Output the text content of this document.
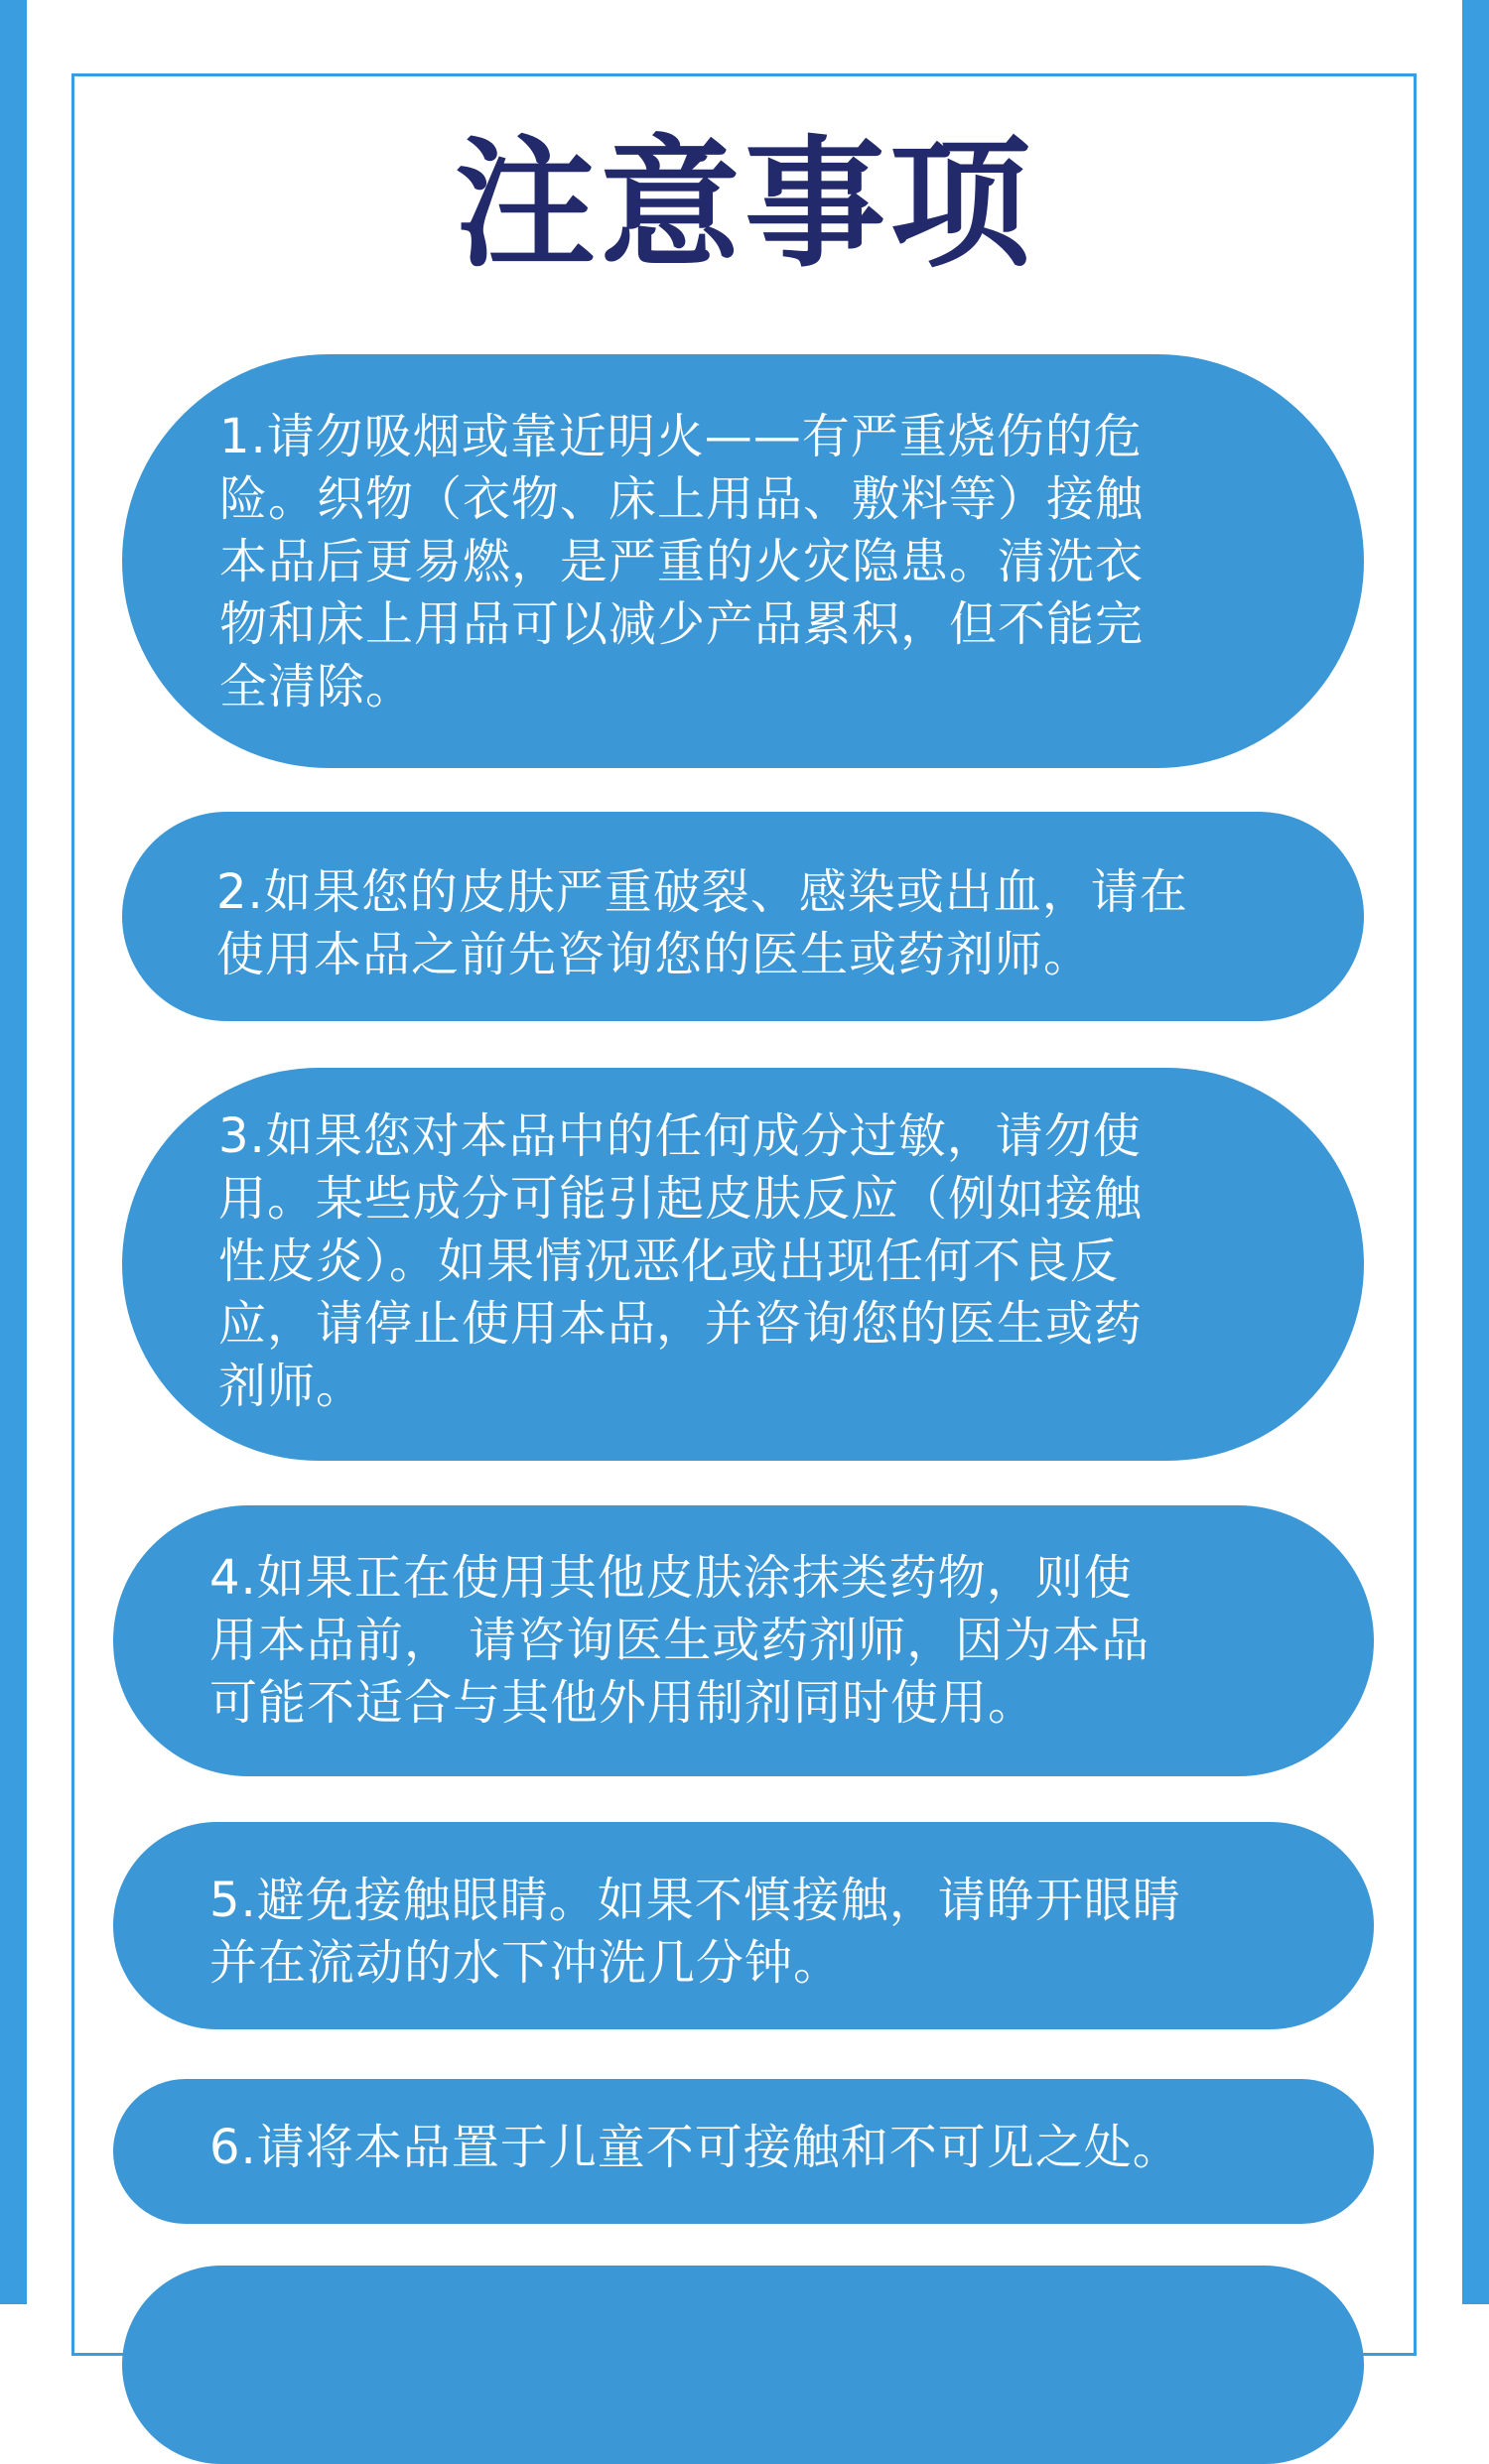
注意事项
1.请勿吸烟或靠近明火——有严重烧伤的危
险。织物（衣物、床上用品、敷料等）接触
本品后更易燃，是严重的火灾隐患。清洗衣
物和床上用品可以减少产品累积，但不能完
全清除。
2.如果您的皮肤严重破裂、感染或出血，请在
使用本品之前先咨询您的医生或药剂师。
3.如果您对本品中的任何成分过敏，请勿使
用。某些成分可能引起皮肤反应（例如接触
性皮炎）。如果情况恶化或出现任何不良反
应，请停止使用本品，并咨询您的医生或药
剂师。
4.如果正在使用其他皮肤涂抹类药物，则使
用本品前， 请咨询医生或药剂师，因为本品
可能不适合与其他外用制剂同时使用。
5.避免接触眼睛。如果不慎接触，请睁开眼睛
并在流动的水下冲洗几分钟。
6.请将本品置于儿童不可接触和不可见之处。
